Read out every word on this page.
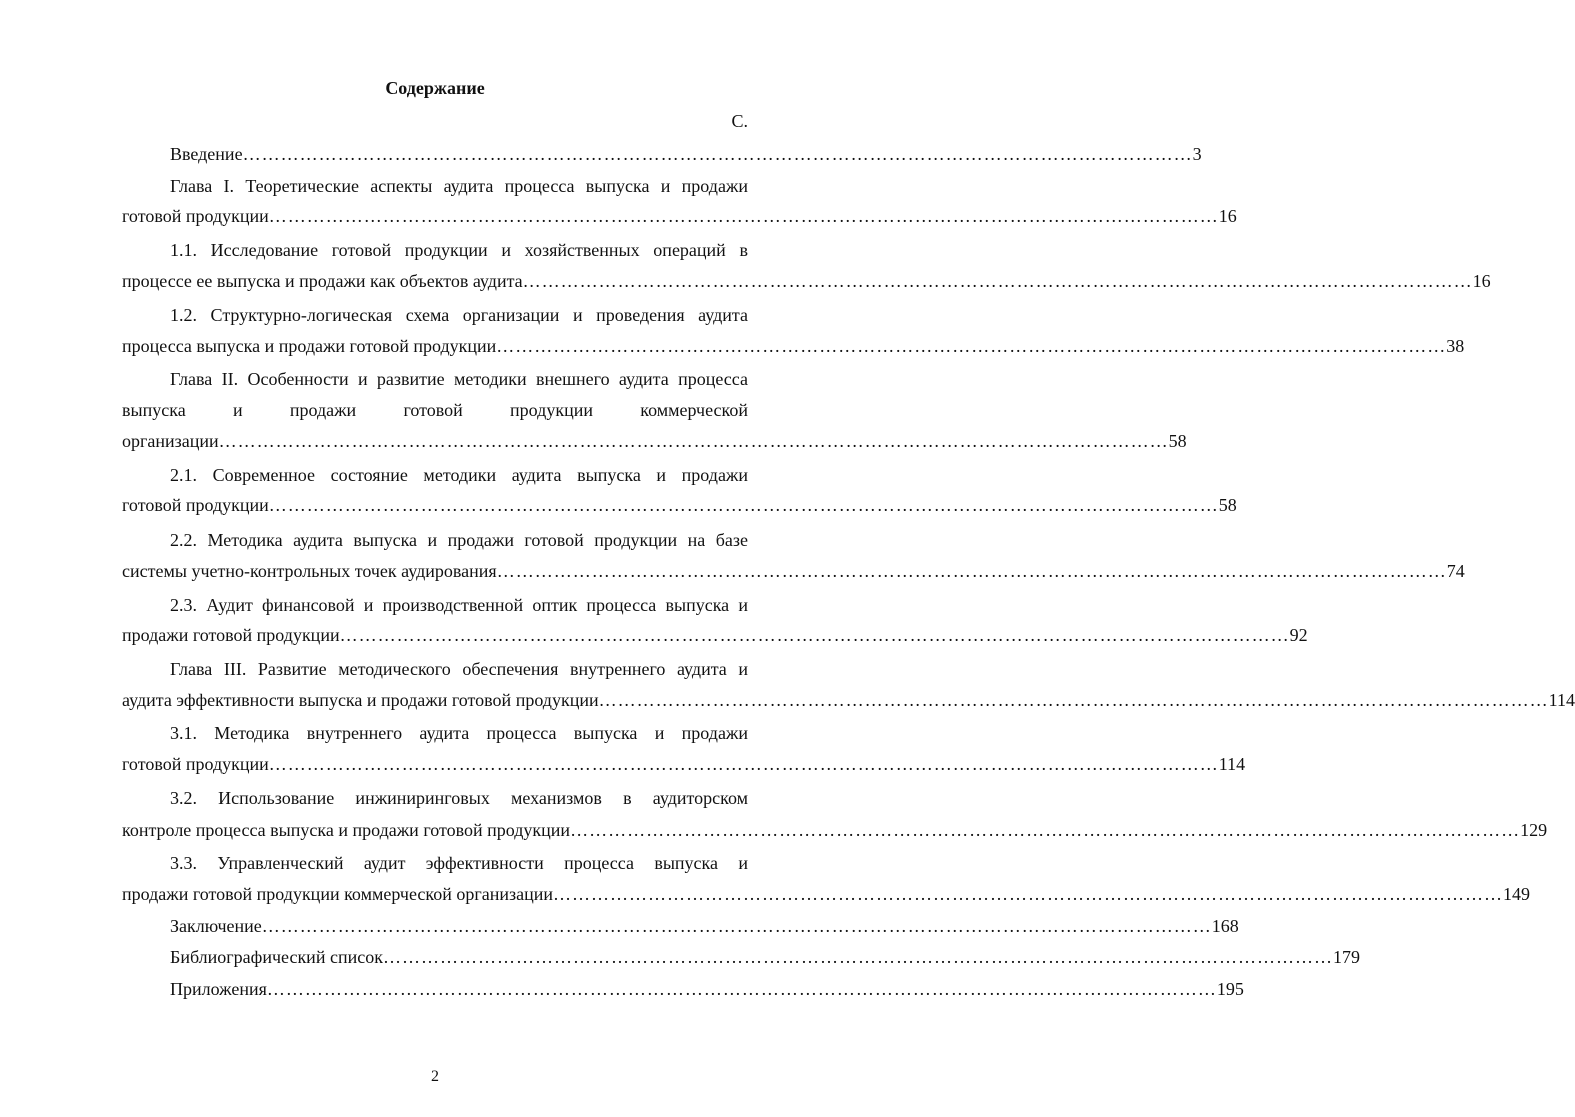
Содержание
С.
Введение …………………………………………………………………………………………………………………………………… 3
Глава I. Теоретические аспекты аудита процесса выпуска и продажи
готовой продукции …………………………………………………………………………………………………………………………………… 16
1.1. Исследование готовой продукции и хозяйственных операций в
процессе ее выпуска и продажи как объектов аудита …………………………………………………………………………………………………………………………………… 16
1.2. Структурно-логическая схема организации и проведения аудита
процесса выпуска и продажи готовой продукции …………………………………………………………………………………………………………………………………… 38
Глава II. Особенности и развитие методики внешнего аудита процесса
выпуска и продажи готовой продукции коммерческой
организации …………………………………………………………………………………………………………………………………… 58
2.1. Современное состояние методики аудита выпуска и продажи
готовой продукции …………………………………………………………………………………………………………………………………… 58
2.2. Методика аудита выпуска и продажи готовой продукции на базе
системы учетно-контрольных точек аудирования …………………………………………………………………………………………………………………………………… 74
2.3. Аудит финансовой и производственной оптик процесса выпуска и
продажи готовой продукции …………………………………………………………………………………………………………………………………… 92
Глава III. Развитие методического обеспечения внутреннего аудита и
аудита эффективности выпуска и продажи готовой продукции …………………………………………………………………………………………………………………………………… 114
3.1. Методика внутреннего аудита процесса выпуска и продажи
готовой продукции …………………………………………………………………………………………………………………………………… 114
3.2. Использование инжиниринговых механизмов в аудиторском
контроле процесса выпуска и продажи готовой продукции …………………………………………………………………………………………………………………………………… 129
3.3. Управленческий аудит эффективности процесса выпуска и
продажи готовой продукции коммерческой организации …………………………………………………………………………………………………………………………………… 149
Заключение …………………………………………………………………………………………………………………………………… 168
Библиографический список …………………………………………………………………………………………………………………………………… 179
Приложения …………………………………………………………………………………………………………………………………… 195
2
